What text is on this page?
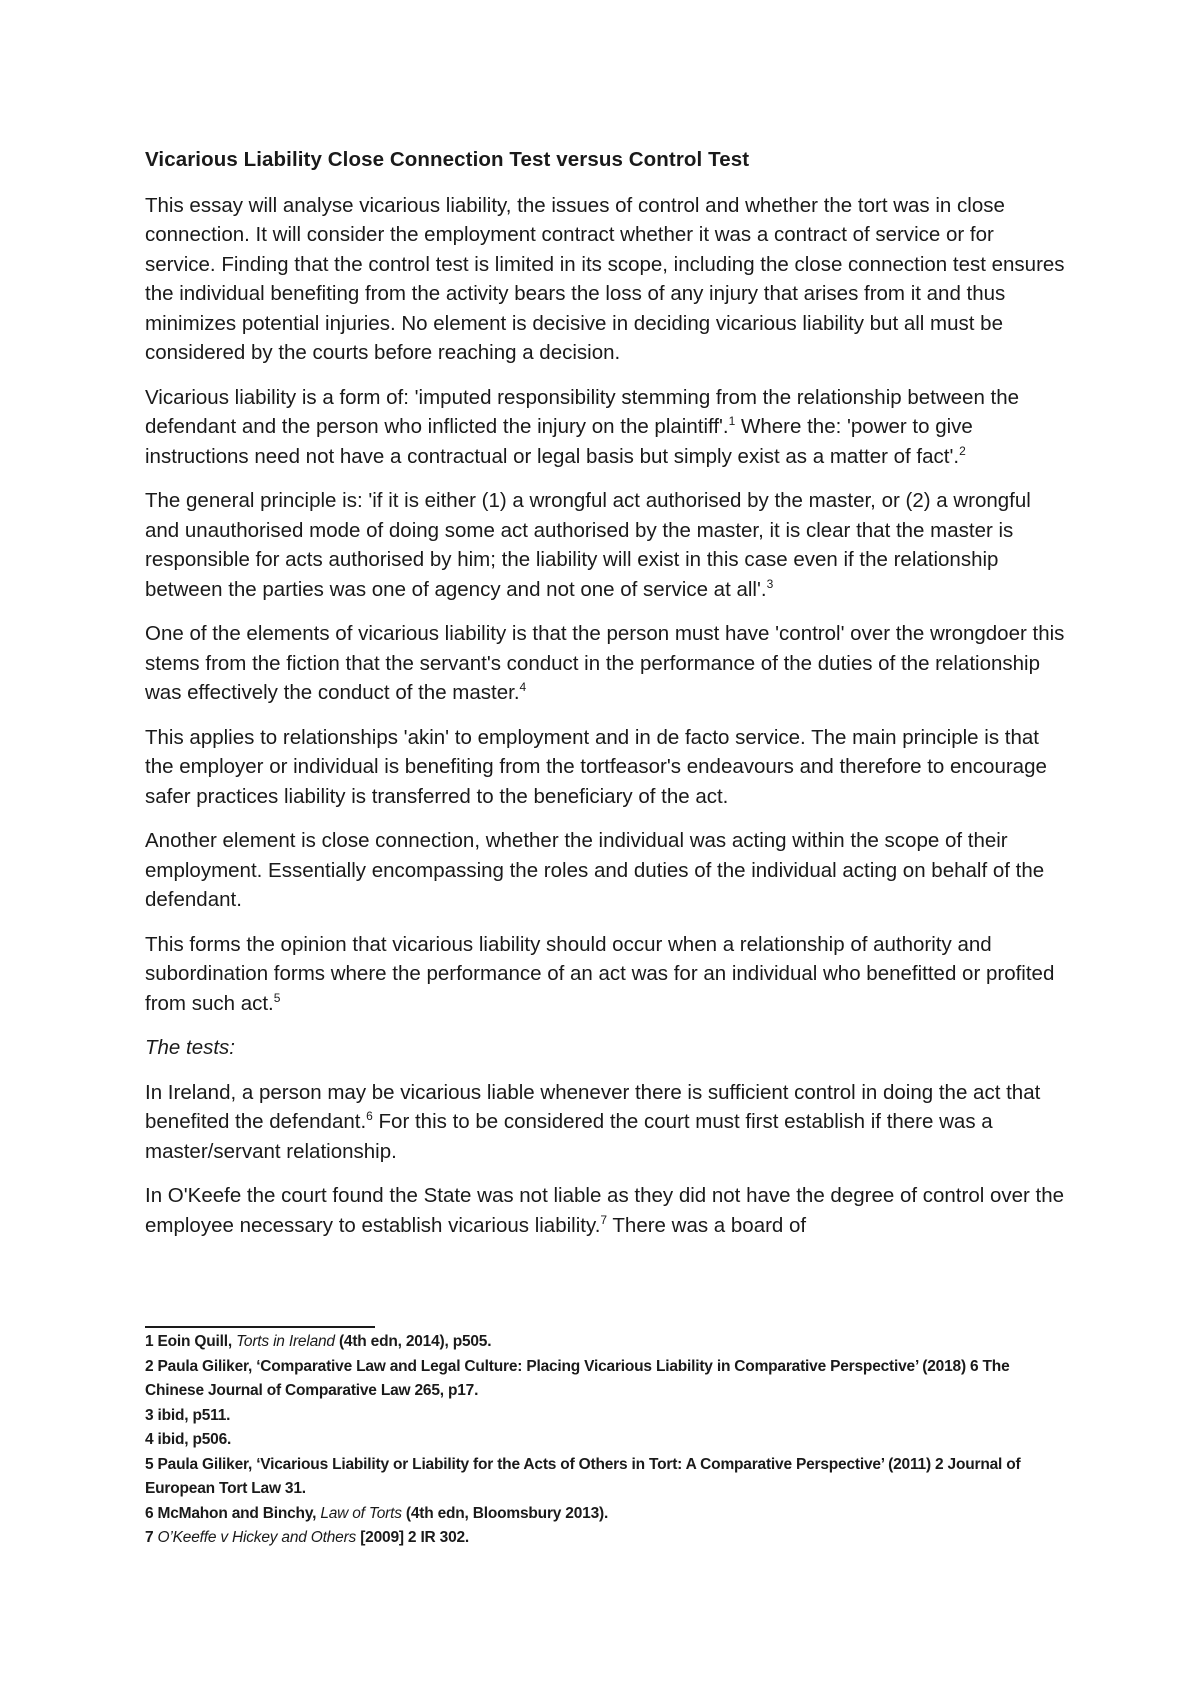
Vicarious Liability Close Connection Test versus Control Test

This essay will analyse vicarious liability, the issues of control and whether the tort was in close connection. It will consider the employment contract whether it was a contract of service or for service. Finding that the control test is limited in its scope, including the close connection test ensures the individual benefiting from the activity bears the loss of any injury that arises from it and thus minimizes potential injuries. No element is decisive in deciding vicarious liability but all must be considered by the courts before reaching a decision.

Vicarious liability is a form of: 'imputed responsibility stemming from the relationship between the defendant and the person who inflicted the injury on the plaintiff'.$^1$ Where the: 'power to give instructions need not have a contractual or legal basis but simply exist as a matter of fact'.$^2$

The general principle is: 'if it is either (1) a wrongful act authorised by the master, or (2) a wrongful and unauthorised mode of doing some act authorised by the master, it is clear that the master is responsible for acts authorised by him; the liability will exist in this case even if the relationship between the parties was one of agency and not one of service at all'.$^3$

One of the elements of vicarious liability is that the person must have 'control' over the wrongdoer this stems from the fiction that the servant's conduct in the performance of the duties of the relationship was effectively the conduct of the master.$^4$

This applies to relationships 'akin' to employment and in de facto service. The main principle is that the employer or individual is benefiting from the tortfeasor's endeavours and therefore to encourage safer practices liability is transferred to the beneficiary of the act.

Another element is close connection, whether the individual was acting within the scope of their employment. Essentially encompassing the roles and duties of the individual acting on behalf of the defendant.

This forms the opinion that vicarious liability should occur when a relationship of authority and subordination forms where the performance of an act was for an individual who benefitted or profited from such act.$^5$

The tests:

In Ireland, a person may be vicarious liable whenever there is sufficient control in doing the act that benefited the defendant.$^6$ For this to be considered the court must first establish if there was a master/servant relationship.

In O'Keefe the court found the State was not liable as they did not have the degree of control over the employee necessary to establish vicarious liability.$^7$ There was a board of

1 Eoin Quill, Torts in Ireland (4th edn, 2014), p505.

2 Paula Giliker, ‘Comparative Law and Legal Culture: Placing Vicarious Liability in Comparative Perspective’ (2018) 6 The Chinese Journal of Comparative Law 265, p17.

3 ibid, p511.

4 ibid, p506.

5 Paula Giliker, ‘Vicarious Liability or Liability for the Acts of Others in Tort: A Comparative Perspective’ (2011) 2 Journal of European Tort Law 31.

6 McMahon and Binchy, Law of Torts (4th edn, Bloomsbury 2013).

7 O’Keeffe v Hickey and Others [2009] 2 IR 302.
